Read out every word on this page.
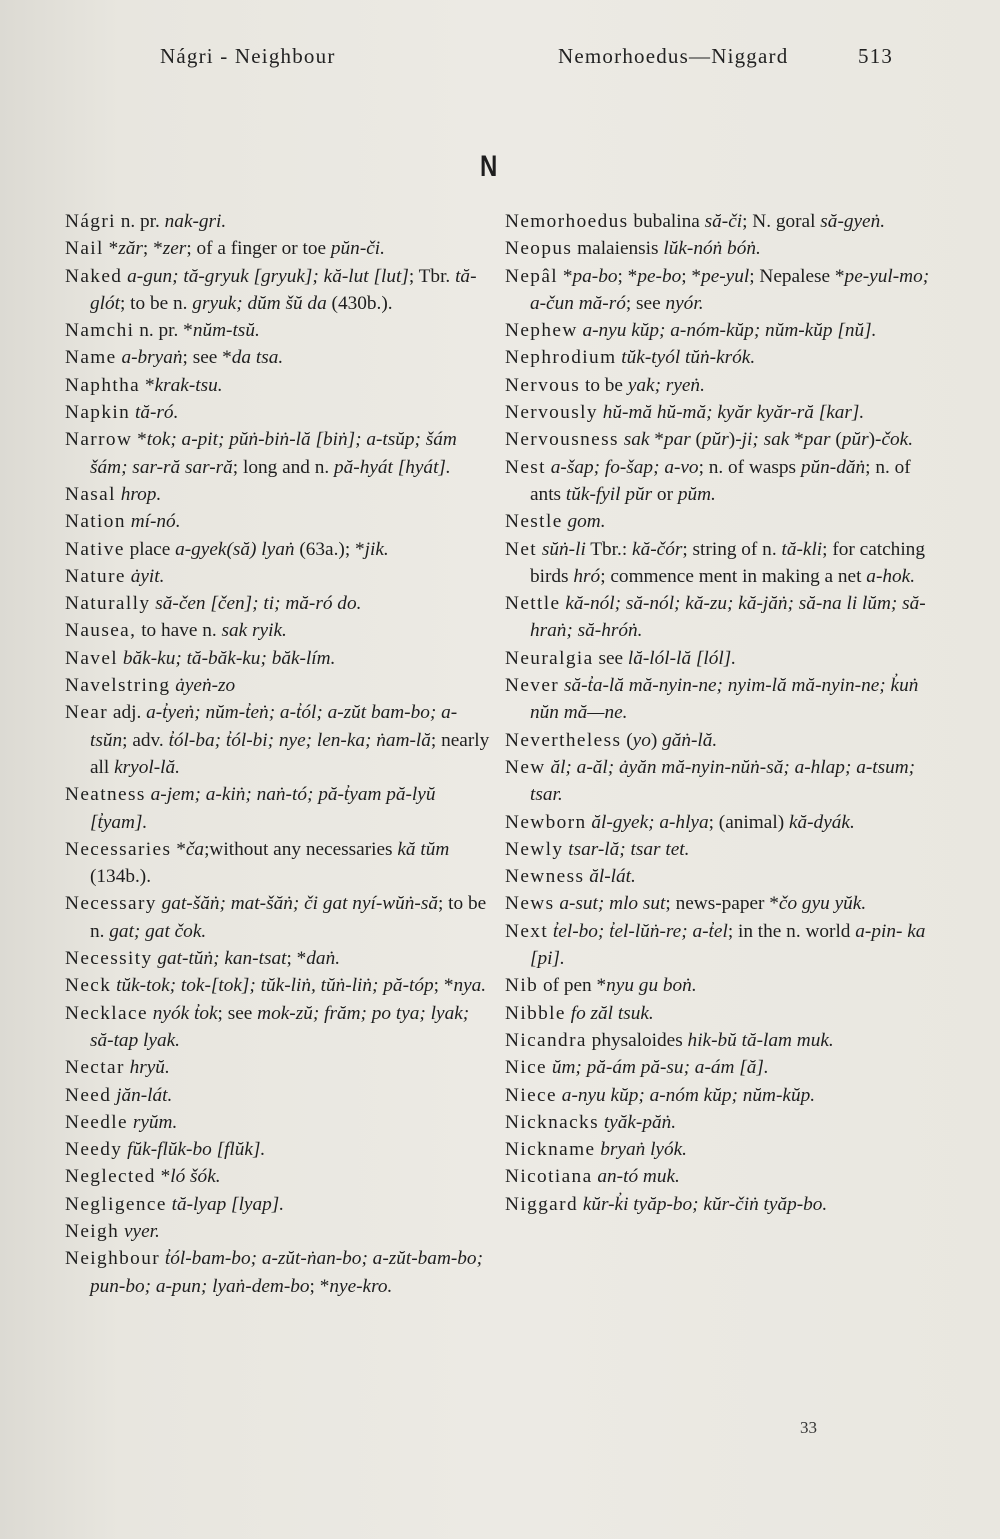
Nágri - Neighbour	Nemorhoedus—Niggard	513
N
Nágri n. pr. nak-gri.
Nail *zăr; *zer; of a finger or toe pŭn-či.
Naked a-gun; tă-gryuk [gryuk]; kă-lut [lut]; Tbr. tă-glót; to be n. gryuk; dŭm šŭ da (430b.).
Namchi n. pr. *nŭm-tsŭ.
Name a-bryaṅ; see *da tsa.
Naphtha *krak-tsu.
Napkin tă-ró.
Narrow *tok; a-pit; pŭṅ-biṅ-lă [biṅ]; a-tsŭp; šám šám; sar-ră sar-ră; long and n. pă-hyát [hyát].
Nasal hrop.
Nation mí-nó.
Native place a-gyek(să) lyaṅ (63a.); *jik.
Nature ȧyit.
Naturally să-čen [čen]; ti; mă-ró do.
Nausea, to have n. sak ryik.
Navel băk-ku; tă-băk-ku; băk-lím.
Navelstring ȧyeṅ-zo
Near adj. a-t̓yeṅ; nŭm-t̓eṅ; a-t̓ól; a-zŭt bam-bo; a-tsŭn; adv. t̓ól-ba; t̓ól-bi; nye; len-ka; ṅam-lă; nearly all kryol-lă.
Neatness a-jem; a-kiṅ; naṅ-tó; pă-t̓yam pă-lyŭ [t̓yam].
Necessaries *ča;without any necessaries kă tŭm (134b.).
Necessary gat-šăṅ; mat-šăṅ; či gat nyí-wŭṅ-să; to be n. gat; gat čok.
Necessity gat-tŭṅ; kan-tsat; *daṅ.
Neck tŭk-tok; tok-[tok]; tŭk-liṅ, tŭṅ-liṅ; pă-tóp; *nya.
Necklace nyók t̓ok; see mok-zŭ; frăm; po tya; lyak; să-tap lyak.
Nectar hryŭ.
Need jăn-lát.
Needle ryŭm.
Needy fŭk-flŭk-bo [flŭk].
Neglected *ló šók.
Negligence tă-lyap [lyap].
Neigh vyer.
Neighbour t̓ól-bam-bo; a-zŭt-ṅan-bo; a-zŭt-bam-bo; pun-bo; a-pun; lyaṅ-dem-bo; *nye-kro.
Nemorhoedus bubalina să-či; N. goral să-gyeṅ.
Neopus malaiensis lŭk-nóṅ bóṅ.
Nepâl *pa-bo; *pe-bo; *pe-yul; Nepalese *pe-yul-mo; a-čun mă-ró; see nyór.
Nephew a-nyu kŭp; a-nóm-kŭp; nŭm-kŭp [nŭ].
Nephrodium tŭk-tyól tŭṅ-krók.
Nervous to be yak; ryeṅ.
Nervously hŭ-mă hŭ-mă; kyăr kyăr-ră [kar].
Nervousness sak *par (pŭr)-ji; sak *par (pŭr)-čok.
Nest a-šap; fo-šap; a-vo; n. of wasps pŭn-dăṅ; n. of ants tŭk-fyil pŭr or pŭm.
Nestle gom.
Net sŭṅ-li Tbr.: kă-čór; string of n. tă-kli; for catching birds hró; commence ment in making a net a-hok.
Nettle kă-nól; să-nól; kă-zu; kă-jăṅ; să-na li lŭm; să-hraṅ; să-hróṅ.
Neuralgia see lă-lól-lă [lól].
Never să-t̓a-lă mă-nyin-ne; nyim-lă mă-nyin-ne; k̓uṅ nŭn mă—ne.
Nevertheless (yo) găṅ-lă.
New ăl; a-ăl; ȧyăn mă-nyin-nŭṅ-să; a-hlap; a-tsum; tsar.
Newborn ăl-gyek; a-hlya; (animal) kă-dyák.
Newly tsar-lă; tsar tet.
Newness ăl-lát.
News a-sut; mlo sut; news-paper *čo gyu yŭk.
Next t̓el-bo; t̓el-lŭṅ-re; a-t̓el; in the n. world a-pin- ka [pi].
Nib of pen *nyu gu boṅ.
Nibble fo zăl tsuk.
Nicandra physaloides hik-bŭ tă-lam muk.
Nice ŭm; pă-ám pă-su; a-ám [ă].
Niece a-nyu kŭp; a-nóm kŭp; nŭm-kŭp.
Nicknacks tyăk-păṅ.
Nickname bryaṅ lyók.
Nicotiana an-tó muk.
Niggard kŭr-k̓i tyăp-bo; kŭr-čiṅ tyăp-bo.
33
